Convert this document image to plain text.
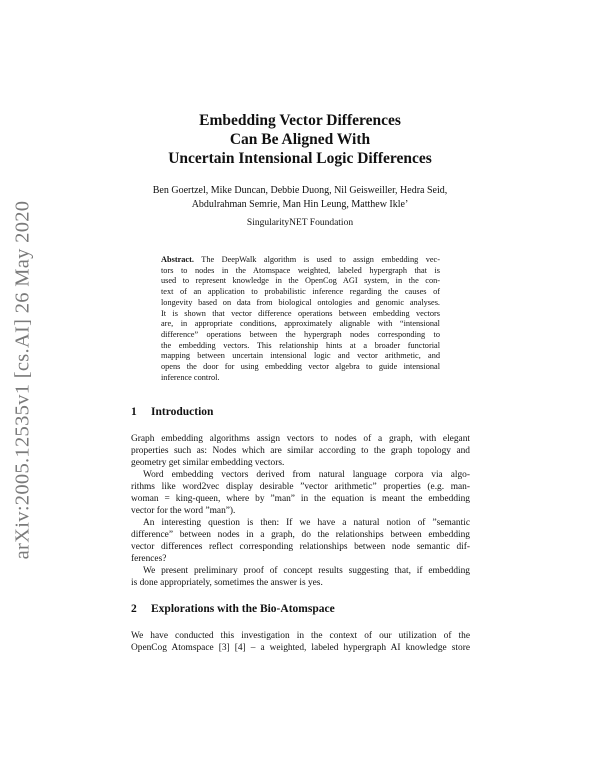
arXiv:2005.12535v1 [cs.AI] 26 May 2020
Embedding Vector Differences
Can Be Aligned With
Uncertain Intensional Logic Differences
Ben Goertzel, Mike Duncan, Debbie Duong, Nil Geisweiller, Hedra Seid,
Abdulrahman Semrie, Man Hin Leung, Matthew Ikle’
SingularityNET Foundation
Abstract. The DeepWalk algorithm is used to assign embedding vec-
tors to nodes in the Atomspace weighted, labeled hypergraph that is
used to represent knowledge in the OpenCog AGI system, in the con-
text of an application to probabilistic inference regarding the causes of
longevity based on data from biological ontologies and genomic analyses.
It is shown that vector difference operations between embedding vectors
are, in appropriate conditions, approximately alignable with “intensional
difference” operations between the hypergraph nodes corresponding to
the embedding vectors. This relationship hints at a broader functorial
mapping between uncertain intensional logic and vector arithmetic, and
opens the door for using embedding vector algebra to guide intensional
inference control.
1 Introduction
Graph embedding algorithms assign vectors to nodes of a graph, with elegant
properties such as: Nodes which are similar according to the graph topology and
geometry get similar embedding vectors.
Word embedding vectors derived from natural language corpora via algo-
rithms like word2vec display desirable ”vector arithmetic” properties (e.g. man-
woman = king-queen, where by ”man” in the equation is meant the embedding
vector for the word ”man”).
An interesting question is then: If we have a natural notion of ”semantic
difference” between nodes in a graph, do the relationships between embedding
vector differences reflect corresponding relationships between node semantic dif-
ferences?
We present preliminary proof of concept results suggesting that, if embedding
is done appropriately, sometimes the answer is yes.
2 Explorations with the Bio-Atomspace
We have conducted this investigation in the context of our utilization of the
OpenCog Atomspace [3] [4] – a weighted, labeled hypergraph AI knowledge store
